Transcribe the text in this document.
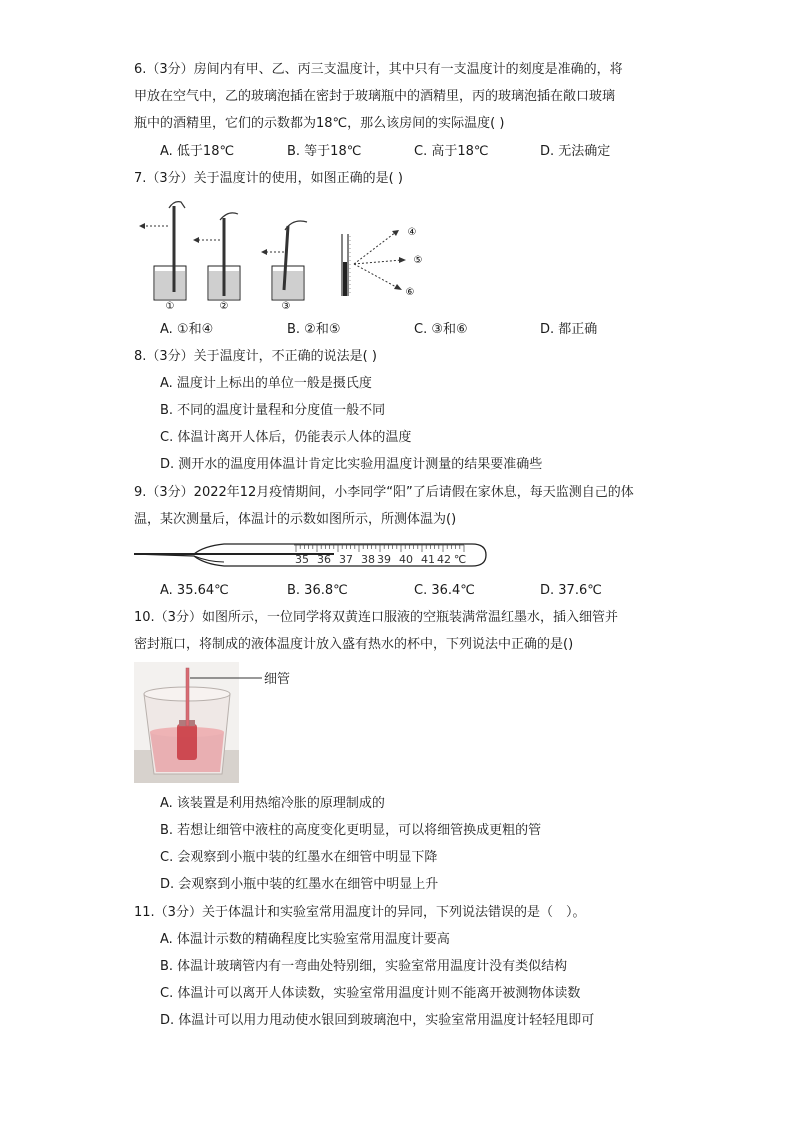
6.（3分）房间内有甲、乙、丙三支温度计，其中只有一支温度计的刻度是准确的，将
甲放在空气中，乙的玻璃泡插在密封于玻璃瓶中的酒精里，丙的玻璃泡插在敞口玻璃
瓶中的酒精里，它们的示数都为18℃，那么该房间的实际温度( )
A. 低于18℃	B. 等于18℃	C. 高于18℃	D. 无法确定
7.（3分）关于温度计的使用，如图正确的是( )
①	②	③
④
⑤
⑥
A. ①和④	B. ②和⑤	C. ③和⑥	D. 都正确
8.（3分）关于温度计，不正确的说法是( )
A. 温度计上标出的单位一般是摄氏度
B. 不同的温度计量程和分度值一般不同
C. 体温计离开人体后，仍能表示人体的温度
D. 测开水的温度用体温计肯定比实验用温度计测量的结果要准确些
9.（3分）2022年12月疫情期间，小李同学“阳”了后请假在家休息，每天监测自己的体
温，某次测量后，体温计的示数如图所示，所测体温为()
35 36 37 38 39 40 41 42 ℃
A. 35.64℃	B. 36.8℃	C. 36.4℃	D. 37.6℃
10.（3分）如图所示，一位同学将双黄连口服液的空瓶装满常温红墨水，插入细管并
密封瓶口，将制成的液体温度计放入盛有热水的杯中，下列说法中正确的是()
细管
A. 该装置是利用热缩冷胀的原理制成的
B. 若想让细管中液柱的高度变化更明显，可以将细管换成更粗的管
C. 会观察到小瓶中装的红墨水在细管中明显下降
D. 会观察到小瓶中装的红墨水在细管中明显上升
11.（3分）关于体温计和实验室常用温度计的异同，下列说法错误的是（　）。
A. 体温计示数的精确程度比实验室常用温度计要高
B. 体温计玻璃管内有一弯曲处特别细，实验室常用温度计没有类似结构
C. 体温计可以离开人体读数，实验室常用温度计则不能离开被测物体读数
D. 体温计可以用力甩动使水银回到玻璃泡中，实验室常用温度计轻轻甩即可
